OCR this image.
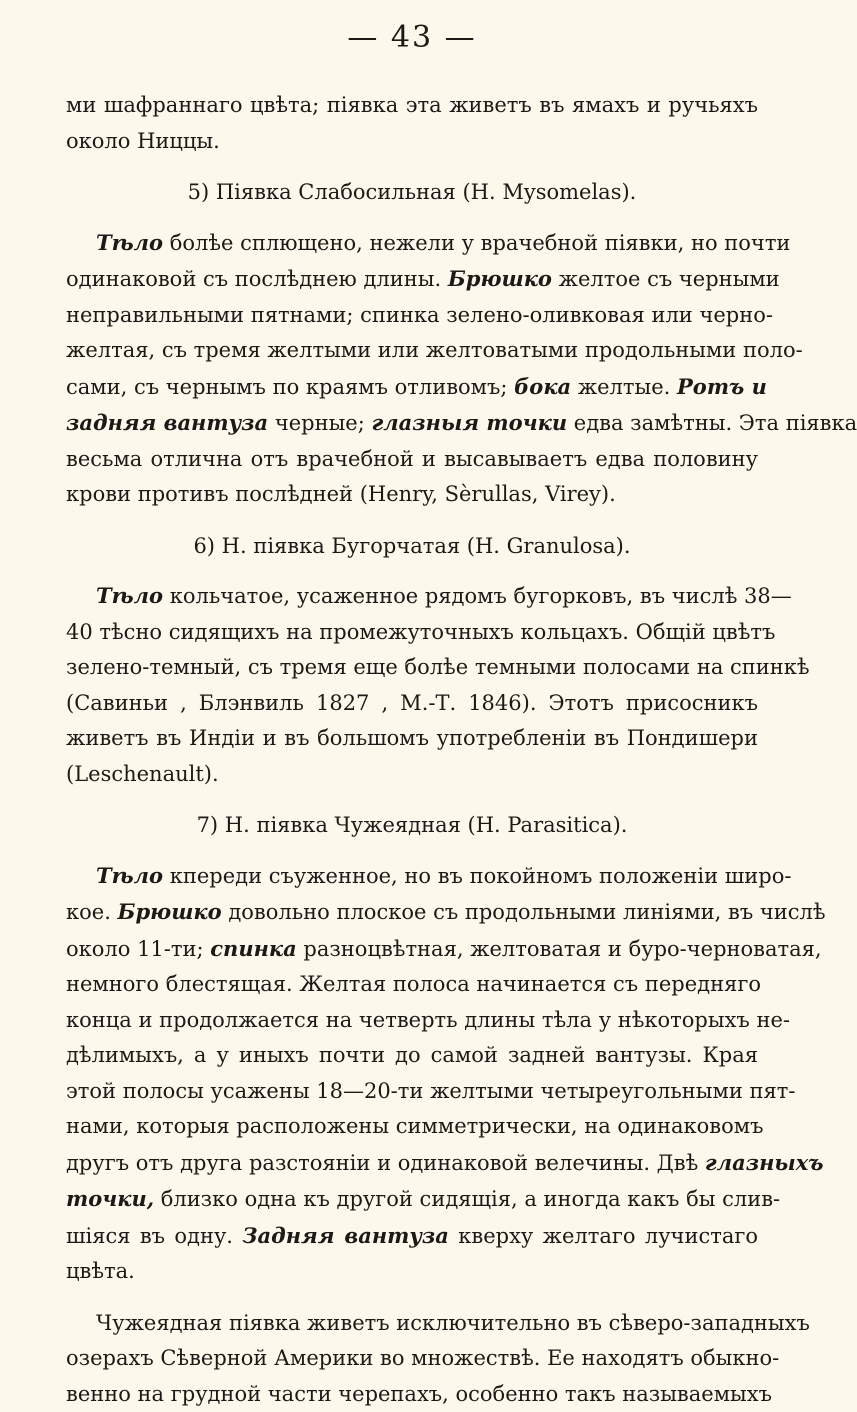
— 43 —
ми шафраннаго цвѣта; піявка эта живетъ въ ямахъ и ручьяхъ
около Ниццы.
5) Піявка Слабосильная (Н. Mysomelas).
Тѣло болѣе сплющено, нежели у врачебной піявки, но почти
одинаковой съ послѣднею длины. Брюшко желтое съ черными
неправильными пятнами; спинка зелено-оливковая или черно-
желтая, съ тремя желтыми или желтоватыми продольными поло-
сами, съ чернымъ по краямъ отливомъ; бока желтые. Ротъ и
задняя вантуза черные; глазныя точки едва замѣтны. Эта піявка
весьма отлична отъ врачебной и высавываетъ едва половину
крови противъ послѣдней (Henry, Sèrullas, Virey).
6) Н. піявка Бугорчатая (Н. Granulosa).
Тѣло кольчатое, усаженное рядомъ бугорковъ, въ числѣ 38—
40 тѣсно сидящихъ на промежуточныхъ кольцахъ. Общій цвѣтъ
зелено-темный, съ тремя еще болѣе темными полосами на спинкѣ
(Савиньи , Блэнвиль 1827 , М.-Т. 1846). Этотъ присосникъ
живетъ въ Индіи и въ большомъ употребленіи въ Пондишери
(Leschenault).
7) Н. піявка Чужеядная (Н. Parasitica).
Тѣло кпереди съуженное, но въ покойномъ положеніи широ-
кое. Брюшко довольно плоское съ продольными линіями, въ числѣ
около 11-ти; спинка разноцвѣтная, желтоватая и буро-черноватая,
немного блестящая. Желтая полоса начинается съ передняго
конца и продолжается на четверть длины тѣла у нѣкоторыхъ не-
дѣлимыхъ, а у иныхъ почти до самой задней вантузы. Края
этой полосы усажены 18—20-ти желтыми четыреугольными пят-
нами, которыя расположены симметрически, на одинаковомъ
другъ отъ друга разстояніи и одинаковой велечины. Двѣ глазныхъ
точки, близко одна къ другой сидящія, а иногда какъ бы слив-
шіяся въ одну. Задняя вантуза кверху желтаго лучистаго
цвѣта.
Чужеядная піявка живетъ исключительно въ сѣверо-западныхъ
озерахъ Сѣверной Америки во множествѣ. Ее находятъ обыкно-
венно на грудной части черепахъ, особенно такъ называемыхъ
